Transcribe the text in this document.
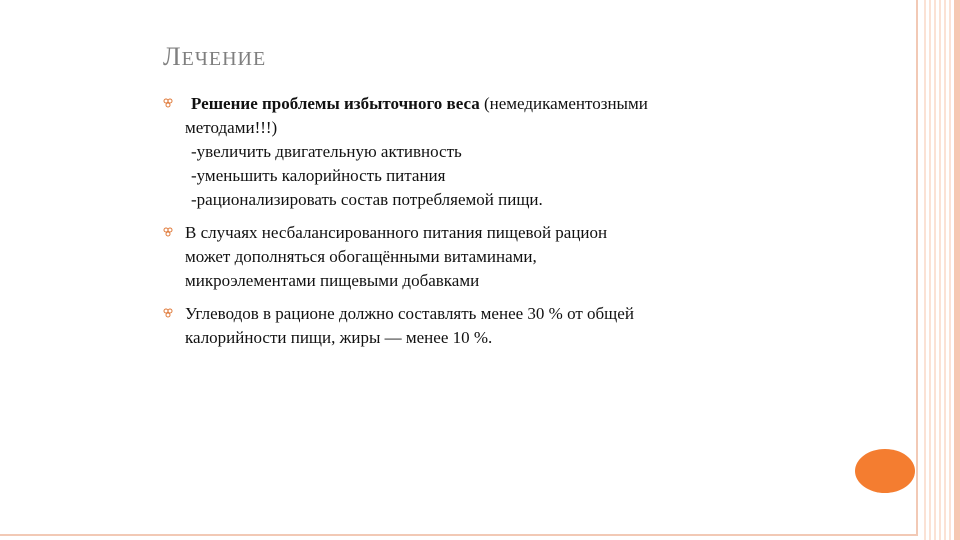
ЛЕЧЕНИЕ
Решение проблемы избыточного веса (немедикаментозными
методами!!!)
-увеличить двигательную активность
-уменьшить калорийность питания
-рационализировать состав потребляемой пищи.
В случаях несбалансированного питания пищевой рацион
может дополняться обогащёнными витаминами,
микроэлементами пищевыми добавками
Углеводов в рационе должно составлять менее 30 % от общей
калорийности пищи, жиры — менее 10 %.
